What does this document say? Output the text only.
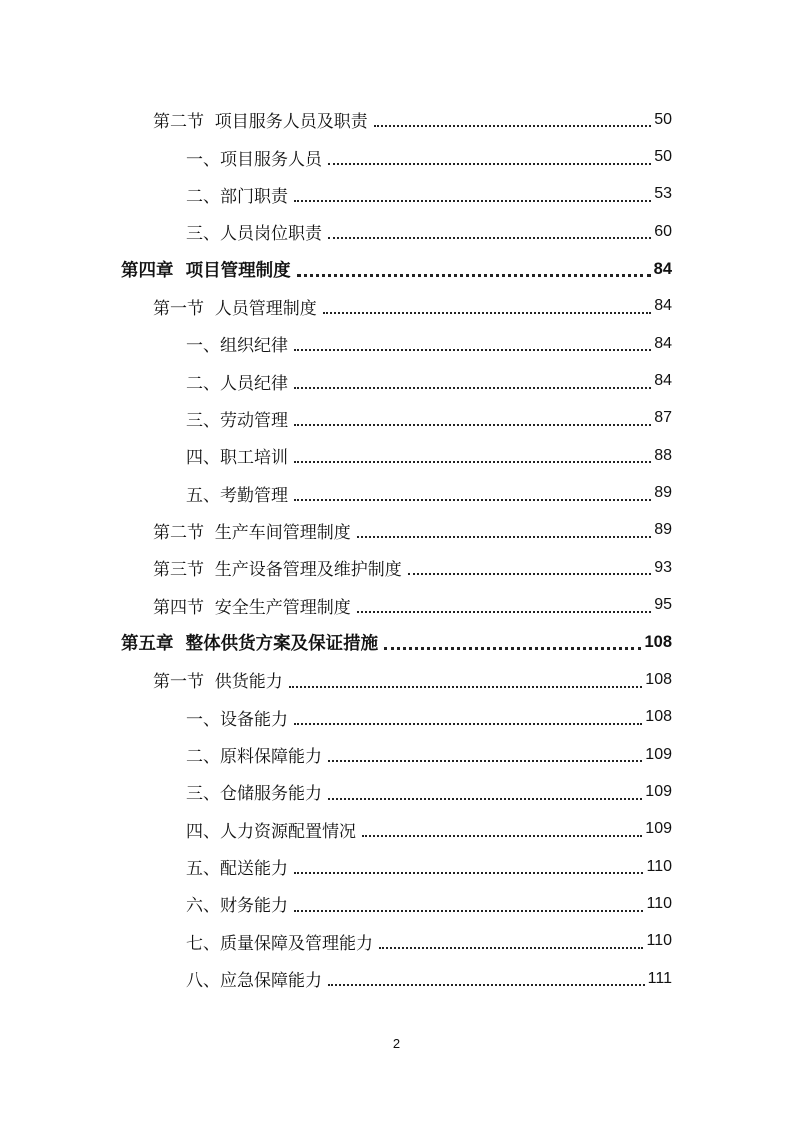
第二节  项目服务人员及职责	50
一、项目服务人员	50
二、部门职责	53
三、人员岗位职责	60
第四章  项目管理制度	84
第一节  人员管理制度	84
一、组织纪律	84
二、人员纪律	84
三、劳动管理	87
四、职工培训	88
五、考勤管理	89
第二节  生产车间管理制度	89
第三节  生产设备管理及维护制度	93
第四节  安全生产管理制度	95
第五章  整体供货方案及保证措施	108
第一节  供货能力	108
一、设备能力	108
二、原料保障能力	109
三、仓储服务能力	109
四、人力资源配置情况	109
五、配送能力	110
六、财务能力	110
七、质量保障及管理能力	110
八、应急保障能力	111
2
